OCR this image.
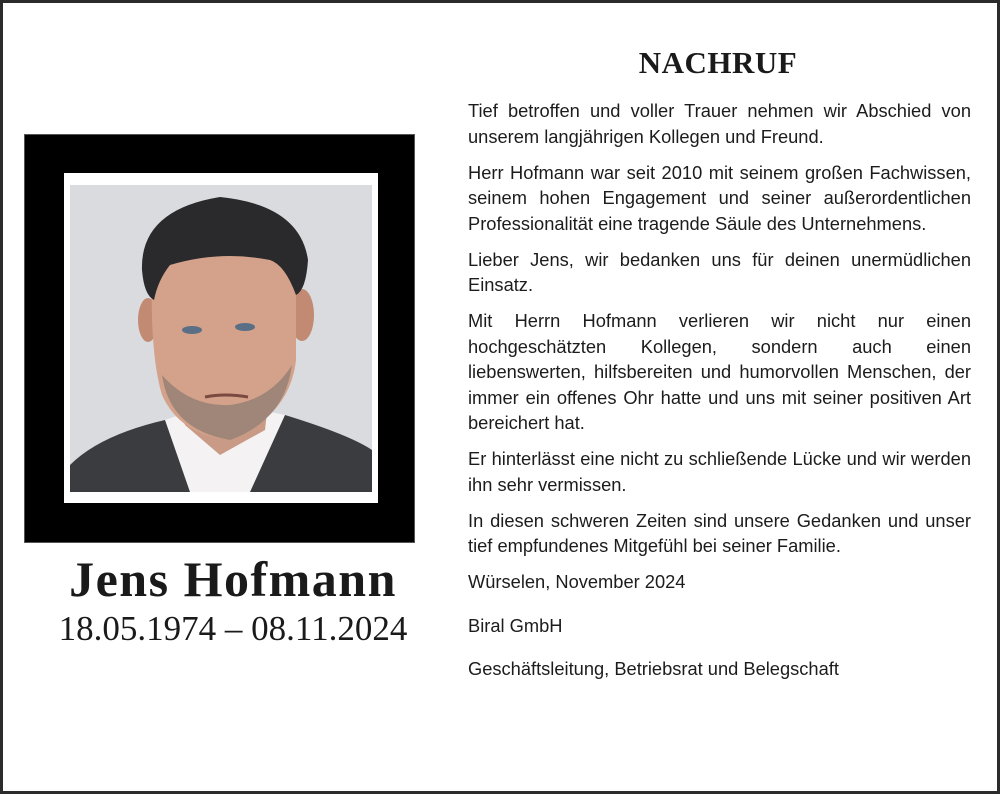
Jens Hofmann
18.05.1974 – 08.11.2024
NACHRUF

Tief betroffen und voller Trauer nehmen wir Abschied von unserem langjährigen Kollegen und Freund.

Herr Hofmann war seit 2010 mit seinem großen Fachwissen, seinem hohen Engagement und seiner außerordentlichen Professionalität eine tragende Säule des Unternehmens.

Lieber Jens, wir bedanken uns für deinen unermüdlichen Einsatz.

Mit Herrn Hofmann verlieren wir nicht nur einen hochgeschätzten Kollegen, sondern auch einen liebenswerten, hilfsbereiten und humorvollen Menschen, der immer ein offenes Ohr hatte und uns mit seiner positiven Art bereichert hat.

Er hinterlässt eine nicht zu schließende Lücke und wir werden ihn sehr vermissen.

In diesen schweren Zeiten sind unsere Gedanken und unser tief empfundenes Mitgefühl bei seiner Familie.

Würselen, November 2024

Biral GmbH

Geschäftsleitung, Betriebsrat und Belegschaft
